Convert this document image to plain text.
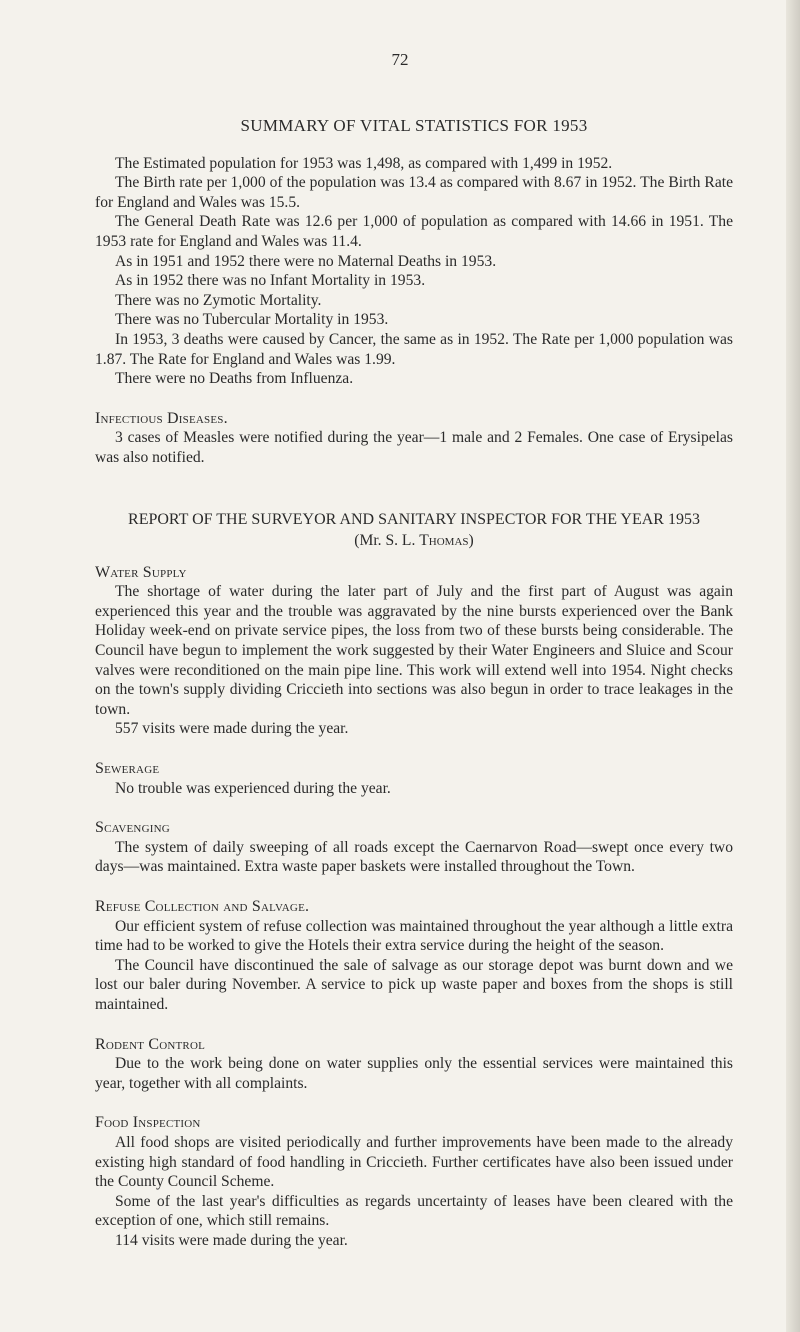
72
SUMMARY OF VITAL STATISTICS FOR 1953

The Estimated population for 1953 was 1,498, as compared with 1,499 in 1952.

The Birth rate per 1,000 of the population was 13.4 as compared with 8.67 in 1952. The Birth Rate for England and Wales was 15.5.

The General Death Rate was 12.6 per 1,000 of population as compared with 14.66 in 1951. The 1953 rate for England and Wales was 11.4.

As in 1951 and 1952 there were no Maternal Deaths in 1953.

As in 1952 there was no Infant Mortality in 1953.

There was no Zymotic Mortality.

There was no Tubercular Mortality in 1953.

In 1953, 3 deaths were caused by Cancer, the same as in 1952. The Rate per 1,000 population was 1.87. The Rate for England and Wales was 1.99.

There were no Deaths from Influenza.

Infectious Diseases.

3 cases of Measles were notified during the year—1 male and 2 Females. One case of Erysipelas was also notified.

REPORT OF THE SURVEYOR AND SANITARY INSPECTOR FOR THE YEAR 1953
(Mr. S. L. Thomas)
Water Supply

The shortage of water during the later part of July and the first part of August was again experienced this year and the trouble was aggravated by the nine bursts experienced over the Bank Holiday week-end on private service pipes, the loss from two of these bursts being considerable. The Council have begun to implement the work suggested by their Water Engineers and Sluice and Scour valves were reconditioned on the main pipe line. This work will extend well into 1954. Night checks on the town's supply dividing Criccieth into sections was also begun in order to trace leakages in the town.

557 visits were made during the year.

Sewerage

No trouble was experienced during the year.

Scavenging

The system of daily sweeping of all roads except the Caernarvon Road—swept once every two days—was maintained. Extra waste paper baskets were installed throughout the Town.

Refuse Collection and Salvage.

Our efficient system of refuse collection was maintained throughout the year although a little extra time had to be worked to give the Hotels their extra service during the height of the season.

The Council have discontinued the sale of salvage as our storage depot was burnt down and we lost our baler during November. A service to pick up waste paper and boxes from the shops is still maintained.

Rodent Control

Due to the work being done on water supplies only the essential services were maintained this year, together with all complaints.

Food Inspection

All food shops are visited periodically and further improvements have been made to the already existing high standard of food handling in Criccieth. Further certificates have also been issued under the County Council Scheme.

Some of the last year's difficulties as regards uncertainty of leases have been cleared with the exception of one, which still remains.

114 visits were made during the year.
